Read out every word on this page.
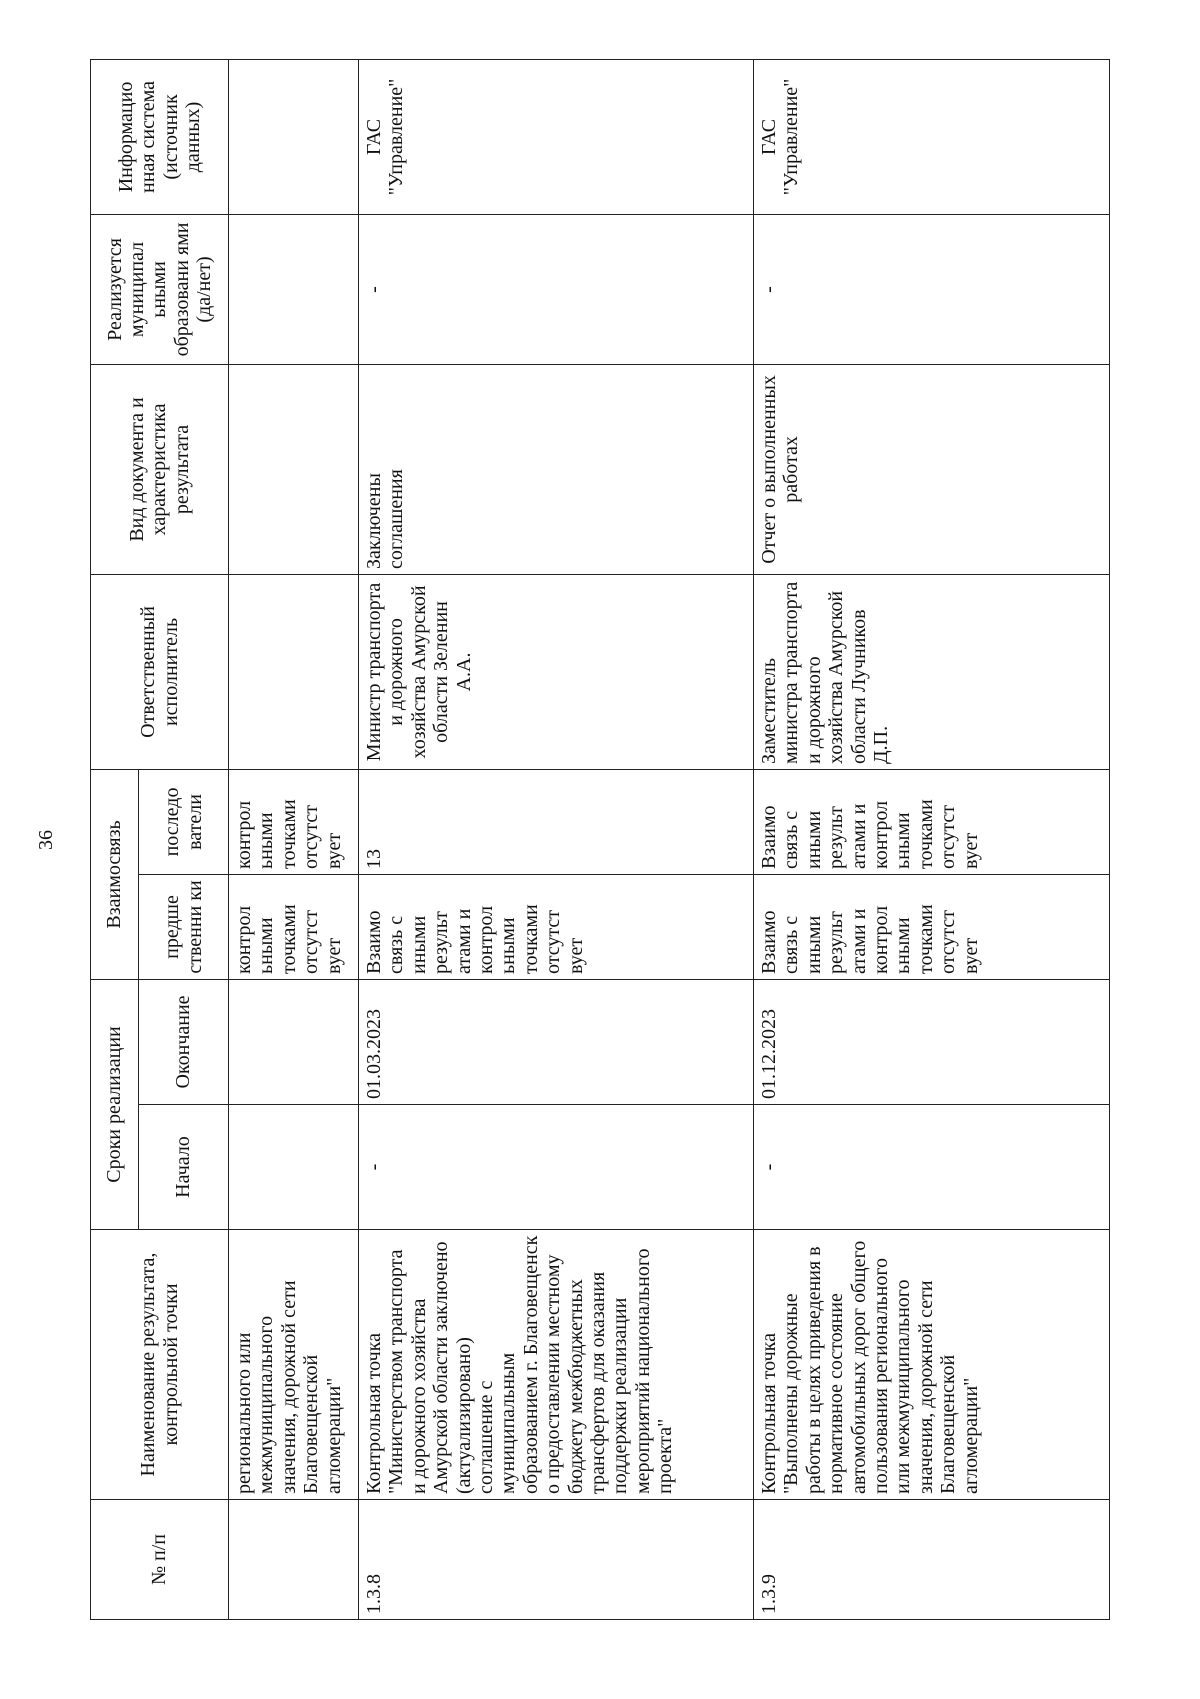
36
№ п/п	Наименование результата, контрольной точки	Сроки реализации		Взаимосвязь		Ответственный исполнитель	Вид документа и характеристика результата	Реализуется муниципал ьными образовани ями (да/нет)	Информацио нная система (источник данных)
		Начало	Окончание	предше ственни ки	последо ватели				
	регионального или межмуниципального значения, дорожной сети Благовещенской агломерации"			контрол ьными точками отсутст вует	контрол ьными точками отсутст вует				
1.3.8	Контрольная точка "Министерством транспорта и дорожного хозяйства Амурской области заключено (актуализировано) соглашение с муниципальным образованием г. Благовещенск о предоставлении местному бюджету межбюджетных трансфертов для оказания поддержки реализации мероприятий национального проекта"	-	01.03.2023	Взаимо связь с иными результ атами и контрол ьными точками отсутст вует	13	Министр транспорта и дорожного хозяйства Амурской области Зеленин А.А.	Заключены соглашения	-	ГАС "Управление"
1.3.9	Контрольная точка "Выполнены дорожные работы в целях приведения в нормативное состояние автомобильных дорог общего пользования регионального или межмуниципального значения, дорожной сети Благовещенской агломерации"	-	01.12.2023	Взаимо связь с иными результ атами и контрол ьными точками отсутст вует	Взаимо связь с иными результ атами и контрол ьными точками отсутст вует	Заместитель министра транспорта и дорожного хозяйства Амурской области Лучников Д.П.	Отчет о выполненных работах	-	ГАС "Управление"
